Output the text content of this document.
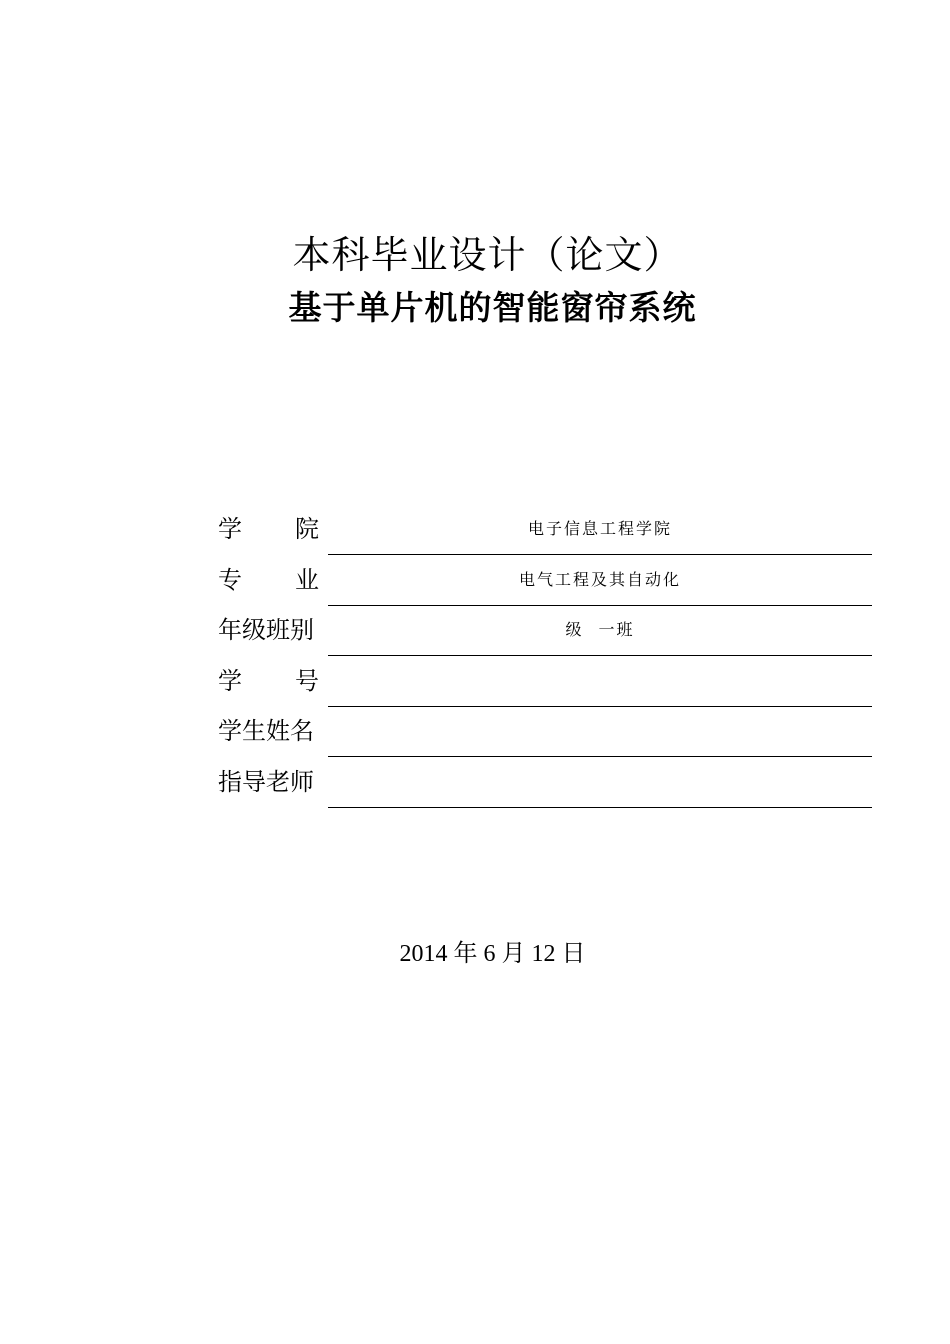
本科毕业设计（论文）
基于单片机的智能窗帘系统
学 院	电子信息工程学院
专 业	电气工程及其自动化
年级班别	级 一班
学 号
学生姓名
指导老师
2014 年 6 月 12 日
